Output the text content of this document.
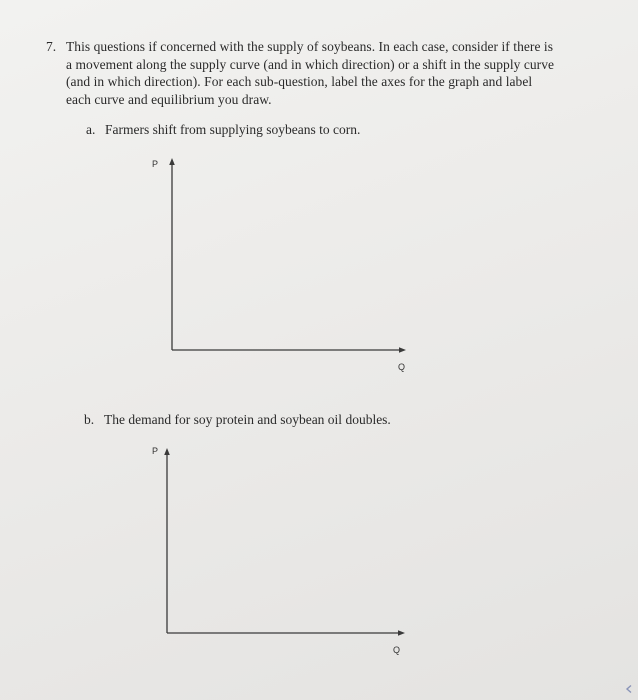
7. This questions if concerned with the supply of soybeans. In each case, consider if there is
a movement along the supply curve (and in which direction) or a shift in the supply curve
(and in which direction). For each sub-question, label the axes for the graph and label
each curve and equilibrium you draw.
a. Farmers shift from supplying soybeans to corn.
P
Q
b. The demand for soy protein and soybean oil doubles.
P
Q
